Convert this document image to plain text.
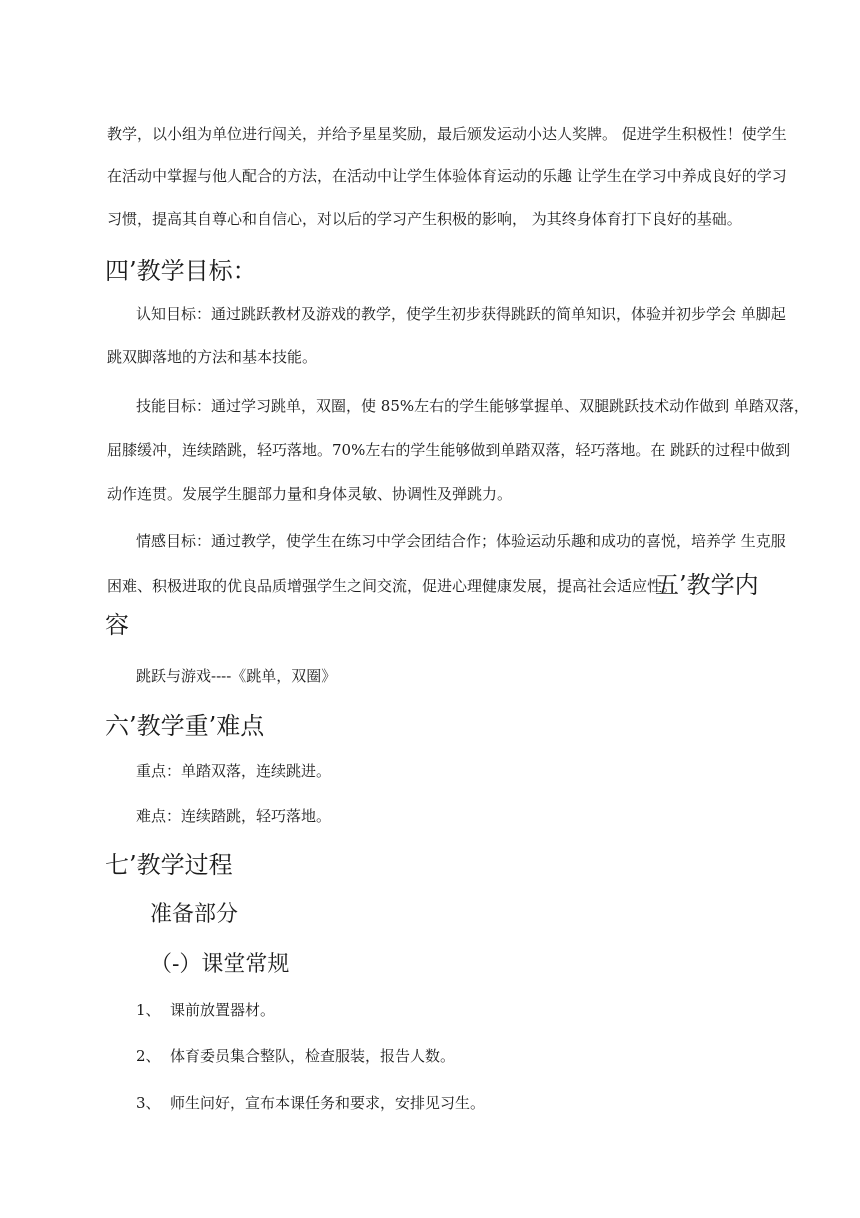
教学，以小组为单位进行闯关，并给予星星奖励，最后颁发运动小达人奖牌。 促进学生积极性！使学生
在活动中掌握与他人配合的方法，在活动中让学生体验体育运动的乐趣 让学生在学习中养成良好的学习
习惯，提高其自尊心和自信心，对以后的学习产生积极的影响， 为其终身体育打下良好的基础。
四’教学目标：
认知目标：通过跳跃教材及游戏的教学，使学生初步获得跳跃的简单知识，体验并初步学会 单脚起
跳双脚落地的方法和基本技能。
技能目标：通过学习跳单，双圈，使 85%左右的学生能够掌握单、双腿跳跃技术动作做到 单踏双落，
屈膝缓冲，连续踏跳，轻巧落地。70%左右的学生能够做到单踏双落，轻巧落地。在 跳跃的过程中做到
动作连贯。发展学生腿部力量和身体灵敏、协调性及弹跳力。
情感目标：通过教学，使学生在练习中学会团结合作；体验运动乐趣和成功的喜悦，培养学 生克服
困难、积极进取的优良品质增强学生之间交流，促进心理健康发展，提高社会适应性。
五’教学内
容
跳跃与游戏----《跳单，双圈》
六’教学重’难点
重点：单踏双落，连续跳进。
难点：连续踏跳，轻巧落地。
七’教学过程
准备部分
（-）课堂常规
1、 课前放置器材。
2、 体育委员集合整队，检查服装，报告人数。
3、 师生问好，宣布本课任务和要求，安排见习生。
